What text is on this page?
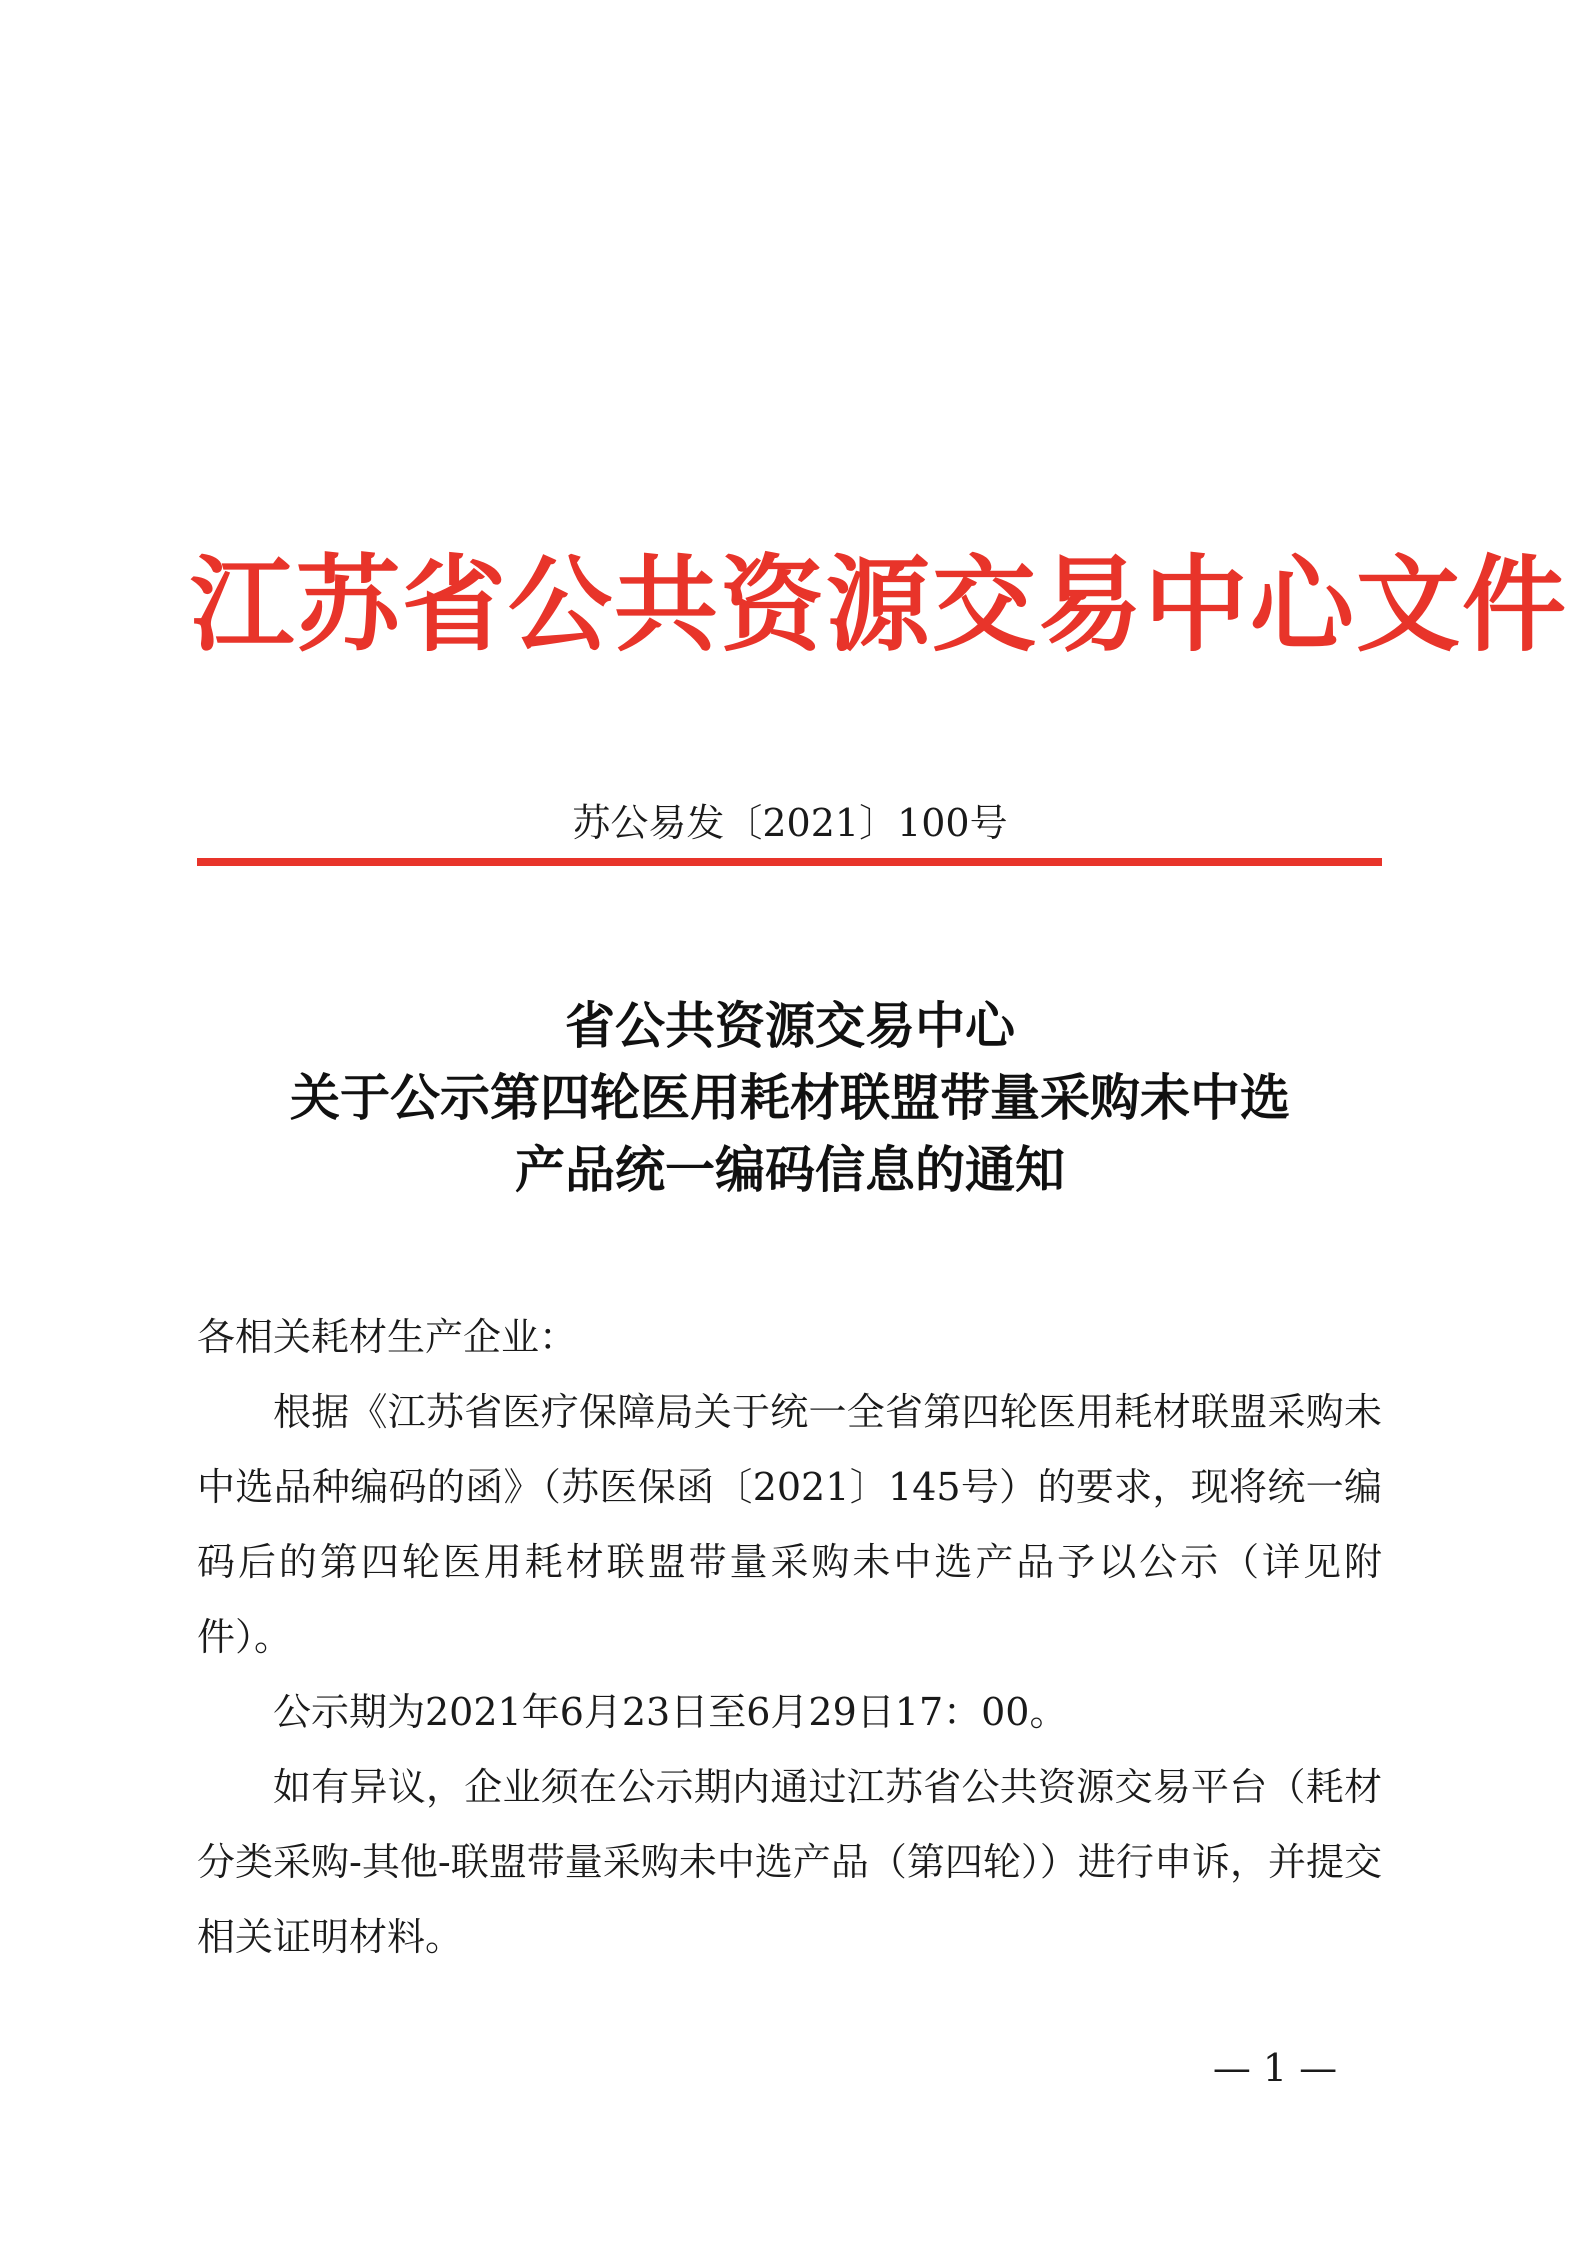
江苏省公共资源交易中心文件
苏公易发〔2021〕100号
省公共资源交易中心
关于公示第四轮医用耗材联盟带量采购未中选
产品统一编码信息的通知

各相关耗材生产企业：

根据《江苏省医疗保障局关于统一全省第四轮医用耗材联盟采购未中选品种编码的函》（苏医保函〔2021〕145号）的要求，现将统一编码后的第四轮医用耗材联盟带量采购未中选产品予以公示（详见附件）。

公示期为2021年6月23日至6月29日17：00。

如有异议，企业须在公示期内通过江苏省公共资源交易平台（耗材分类采购-其他-联盟带量采购未中选产品（第四轮））进行申诉，并提交相关证明材料。

— 1 —
